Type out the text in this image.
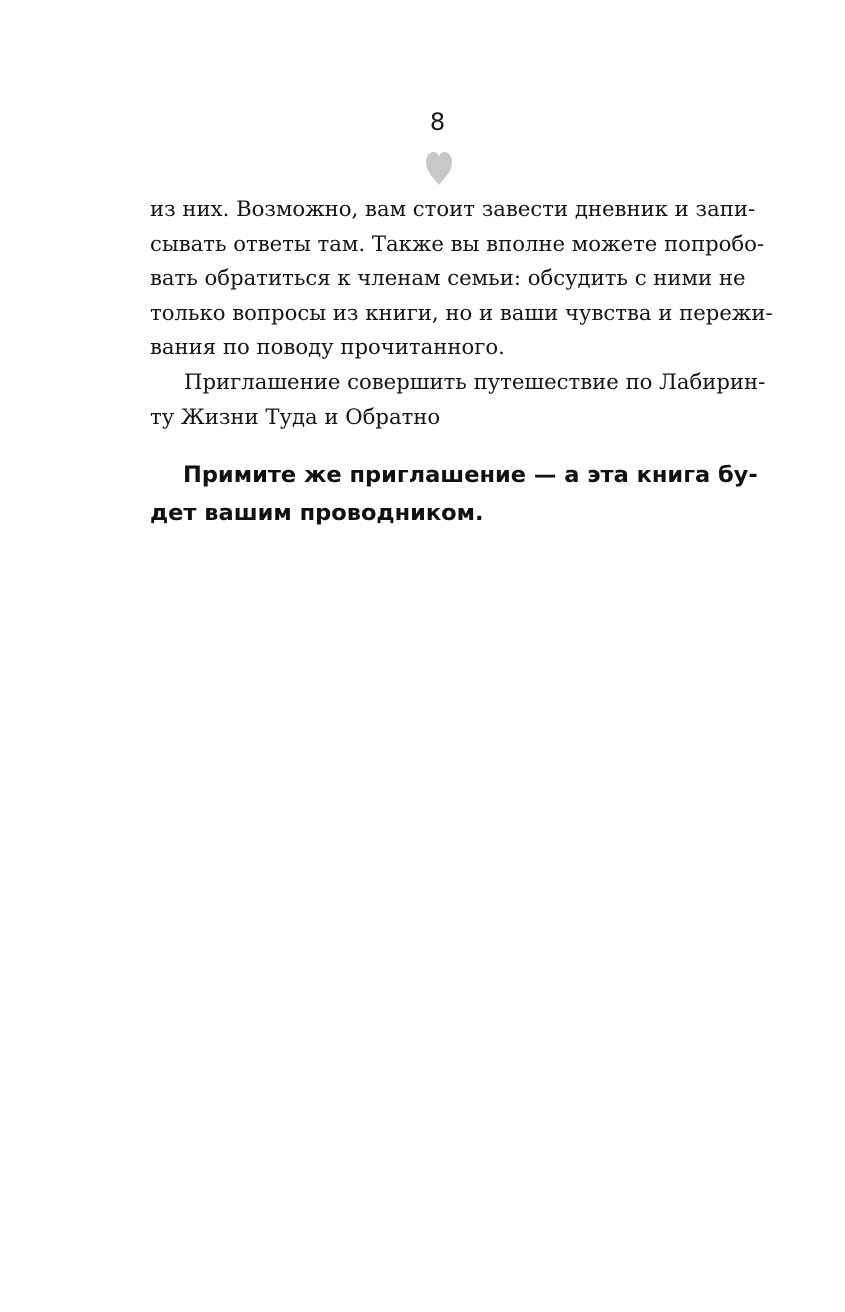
8

из них. Возможно, вам стоит завести дневник и запи-
сывать ответы там. Также вы вполне можете попробо-
вать обратиться к членам семьи: обсудить с ними не
только вопросы из книги, но и ваши чувства и пережи-
вания по поводу прочитанного.

Приглашение совершить путешествие по Лабирин-
ту Жизни Туда и Обратно

Примите же приглашение — а эта книга бу-
дет вашим проводником.
